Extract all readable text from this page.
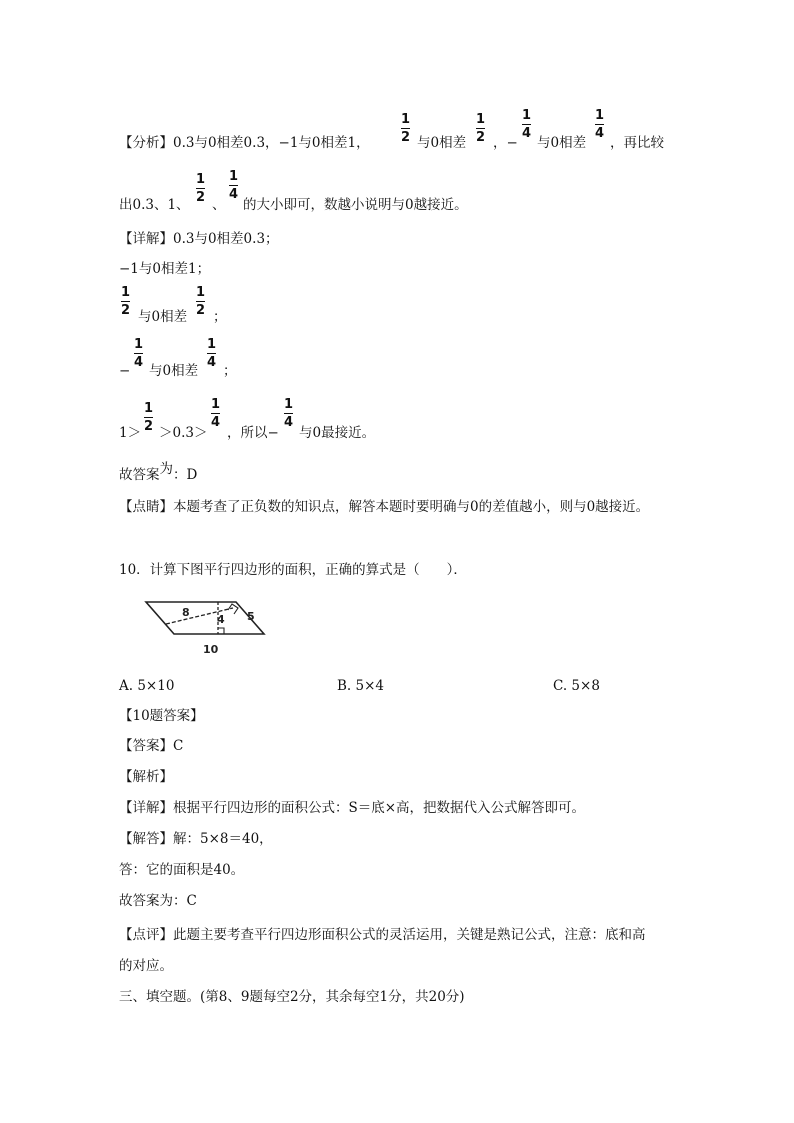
【分析】0.3与0相差0.3，−1与0相差1，
1
2 与0相差
1
2 ，−
1
4
与0相差
1
4
，再比较
出0.3、1、
1
2 、
1
4
的大小即可，数越小说明与0越接近。
【详解】0.3与0相差0.3；
−1与0相差1；
1
2 与0相差
1
2 ；
−
1
4
与0相差
1
4
；
1＞
1
2 ＞0.3＞
1
4
，所以−
1
4
与0最接近。
故答案为：D
【点睛】本题考查了正负数的知识点，解答本题时要明确与0的差值越小，则与0越接近。
10．计算下图平行四边形的面积，正确的算式是（　　）．
8
4 5
10
A. 5×10	B. 5×4	C. 5×8
【10题答案】
【答案】C
【解析】
【详解】根据平行四边形的面积公式：S＝底×高，把数据代入公式解答即可。
【解答】解：5×8＝40，
答：它的面积是40。
故答案为：C
【点评】此题主要考查平行四边形面积公式的灵活运用，关键是熟记公式，注意：底和高
的对应。
三、填空题。(第8、9题每空2分，其余每空1分，共20分)
